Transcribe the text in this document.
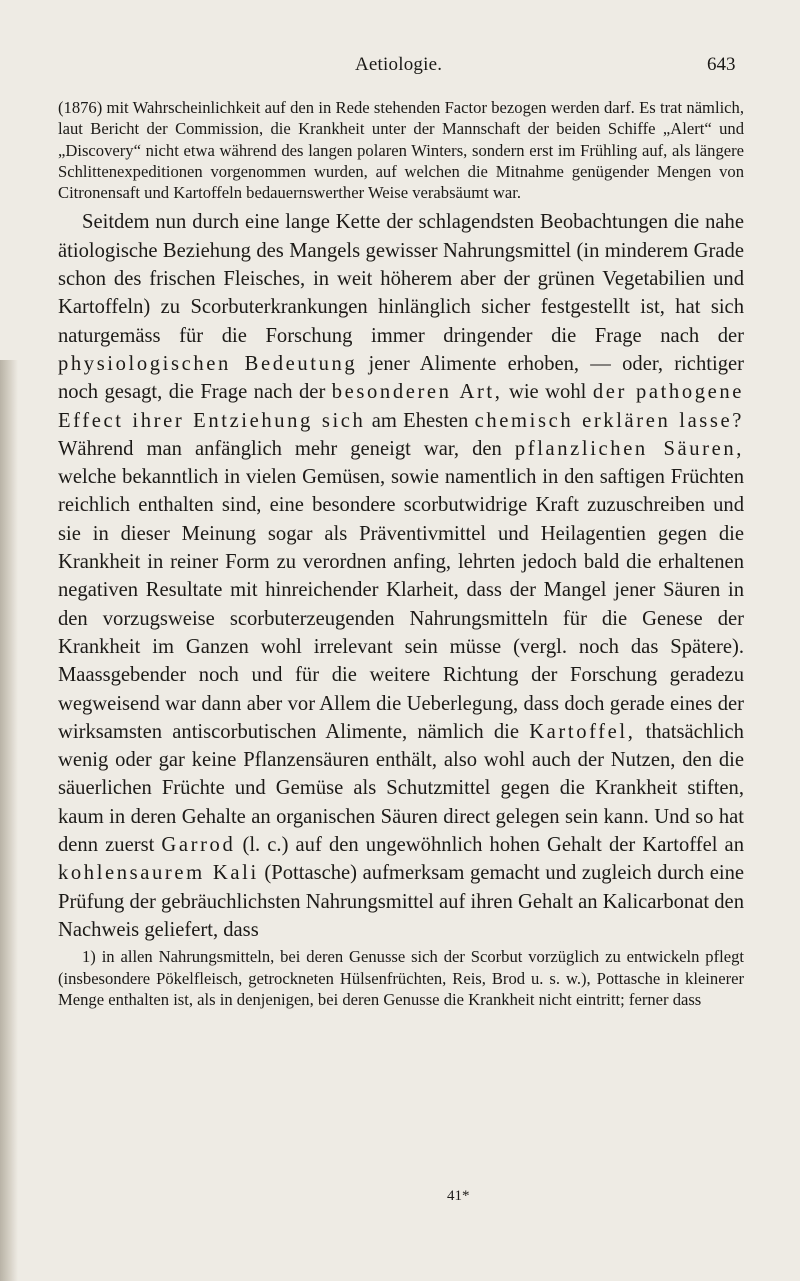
Aetiologie.	643

(1876) mit Wahrscheinlichkeit auf den in Rede stehenden Factor bezogen werden darf. Es trat nämlich, laut Bericht der Commission, die Krankheit unter der Mannschaft der beiden Schiffe „Alert“ und „Discovery“ nicht etwa während des langen polaren Winters, sondern erst im Frühling auf, als längere Schlittenexpeditionen vorgenommen wurden, auf welchen die Mitnahme genügender Mengen von Citronensaft und Kartoffeln bedauernswerther Weise verabsäumt war.

Seitdem nun durch eine lange Kette der schlagendsten Beobachtungen die nahe ätiologische Beziehung des Mangels gewisser Nahrungsmittel (in minderem Grade schon des frischen Fleisches, in weit höherem aber der grünen Vegetabilien und Kartoffeln) zu Scorbuterkrankungen hinlänglich sicher festgestellt ist, hat sich naturgemäss für die Forschung immer dringender die Frage nach der physiologischen Bedeutung jener Alimente erhoben, — oder, richtiger noch gesagt, die Frage nach der besonderen Art, wie wohl der pathogene Effect ihrer Entziehung sich am Ehesten chemisch erklären lasse? Während man anfänglich mehr geneigt war, den pflanzlichen Säuren, welche bekanntlich in vielen Gemüsen, sowie namentlich in den saftigen Früchten reichlich enthalten sind, eine besondere scorbutwidrige Kraft zuzuschreiben und sie in dieser Meinung sogar als Präventivmittel und Heilagentien gegen die Krankheit in reiner Form zu verordnen anfing, lehrten jedoch bald die erhaltenen negativen Resultate mit hinreichender Klarheit, dass der Mangel jener Säuren in den vorzugsweise scorbuterzeugenden Nahrungsmitteln für die Genese der Krankheit im Ganzen wohl irrelevant sein müsse (vergl. noch das Spätere). Maassgebender noch und für die weitere Richtung der Forschung geradezu wegweisend war dann aber vor Allem die Ueberlegung, dass doch gerade eines der wirksamsten antiscorbutischen Alimente, nämlich die Kartoffel, thatsächlich wenig oder gar keine Pflanzensäuren enthält, also wohl auch der Nutzen, den die säuerlichen Früchte und Gemüse als Schutzmittel gegen die Krankheit stiften, kaum in deren Gehalte an organischen Säuren direct gelegen sein kann. Und so hat denn zuerst Garrod (l. c.) auf den ungewöhnlich hohen Gehalt der Kartoffel an kohlensaurem Kali (Pottasche) aufmerksam gemacht und zugleich durch eine Prüfung der gebräuchlichsten Nahrungsmittel auf ihren Gehalt an Kalicarbonat den Nachweis geliefert, dass

1) in allen Nahrungsmitteln, bei deren Genusse sich der Scorbut vorzüglich zu entwickeln pflegt (insbesondere Pökelfleisch, getrockneten Hülsenfrüchten, Reis, Brod u. s. w.), Pottasche in kleinerer Menge enthalten ist, als in denjenigen, bei deren Genusse die Krankheit nicht eintritt; ferner dass

41*
